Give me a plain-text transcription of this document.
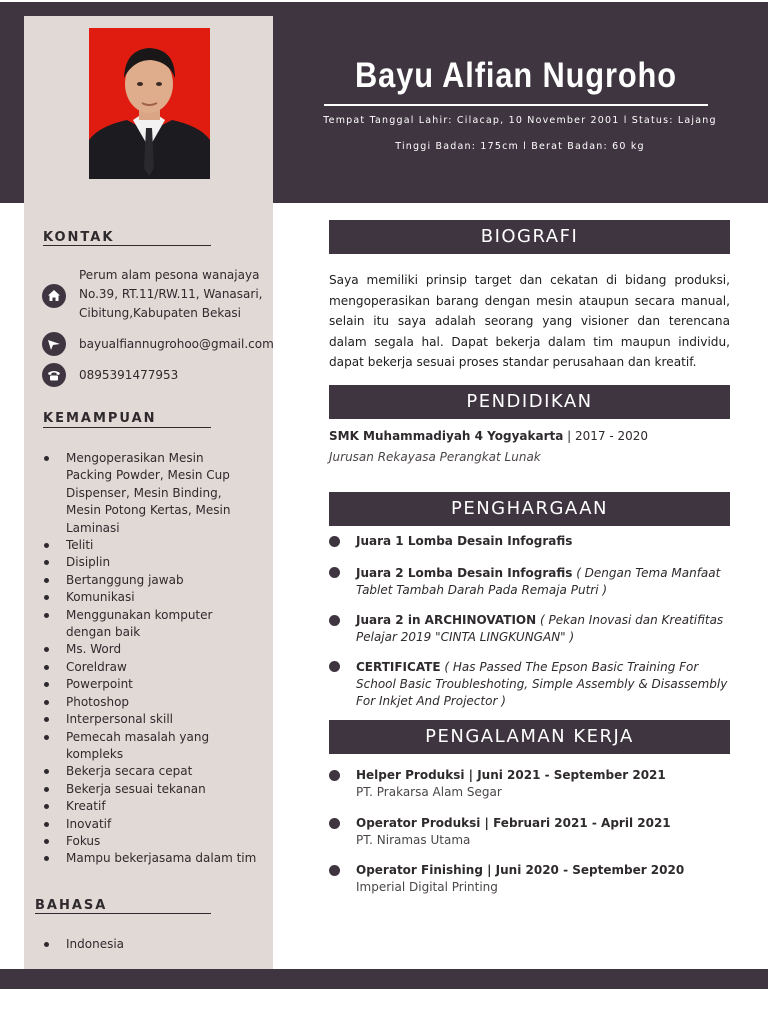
Bayu Alfian Nugroho
Tempat Tanggal Lahir: Cilacap, 10 November 2001 l Status: Lajang
Tinggi Badan: 175cm l Berat Badan: 60 kg
KONTAK
Perum alam pesona wanajaya
No.39, RT.11/RW.11, Wanasari,
Cibitung,Kabupaten Bekasi
bayualfiannugrohoo@gmail.com
0895391477953
KEMAMPUAN
Mengoperasikan Mesin Packing Powder, Mesin Cup Dispenser, Mesin Binding, Mesin Potong Kertas, Mesin Laminasi
Teliti
Disiplin
Bertanggung jawab
Komunikasi
Menggunakan komputer dengan baik
Ms. Word
Coreldraw
Powerpoint
Photoshop
Interpersonal skill
Pemecah masalah yang kompleks
Bekerja secara cepat
Bekerja sesuai tekanan
Kreatif
Inovatif
Fokus
Mampu bekerjasama dalam tim
BAHASA
Indonesia
BIOGRAFI
Saya memiliki prinsip target dan cekatan di bidang produksi, mengoperasikan barang dengan mesin ataupun secara manual, selain itu saya adalah seorang yang visioner dan terencana dalam segala hal. Dapat bekerja dalam tim maupun individu, dapat bekerja sesuai proses standar perusahaan dan kreatif.
PENDIDIKAN
SMK Muhammadiyah 4 Yogyakarta | 2017 - 2020
Jurusan Rekayasa Perangkat Lunak
PENGHARGAAN
Juara 1 Lomba Desain Infografis
Juara 2 Lomba Desain Infografis ( Dengan Tema Manfaat Tablet Tambah Darah Pada Remaja Putri )
Juara 2 in ARCHINOVATION ( Pekan Inovasi dan Kreatifitas Pelajar 2019 "CINTA LINGKUNGAN" )
CERTIFICATE ( Has Passed The Epson Basic Training For School Basic Troubleshoting, Simple Assembly & Disassembly For Inkjet And Projector )
PENGALAMAN KERJA
Helper Produksi | Juni 2021 - September 2021
PT. Prakarsa Alam Segar
Operator Produksi | Februari 2021 - April 2021
PT. Niramas Utama
Operator Finishing | Juni 2020 - September 2020
Imperial Digital Printing
